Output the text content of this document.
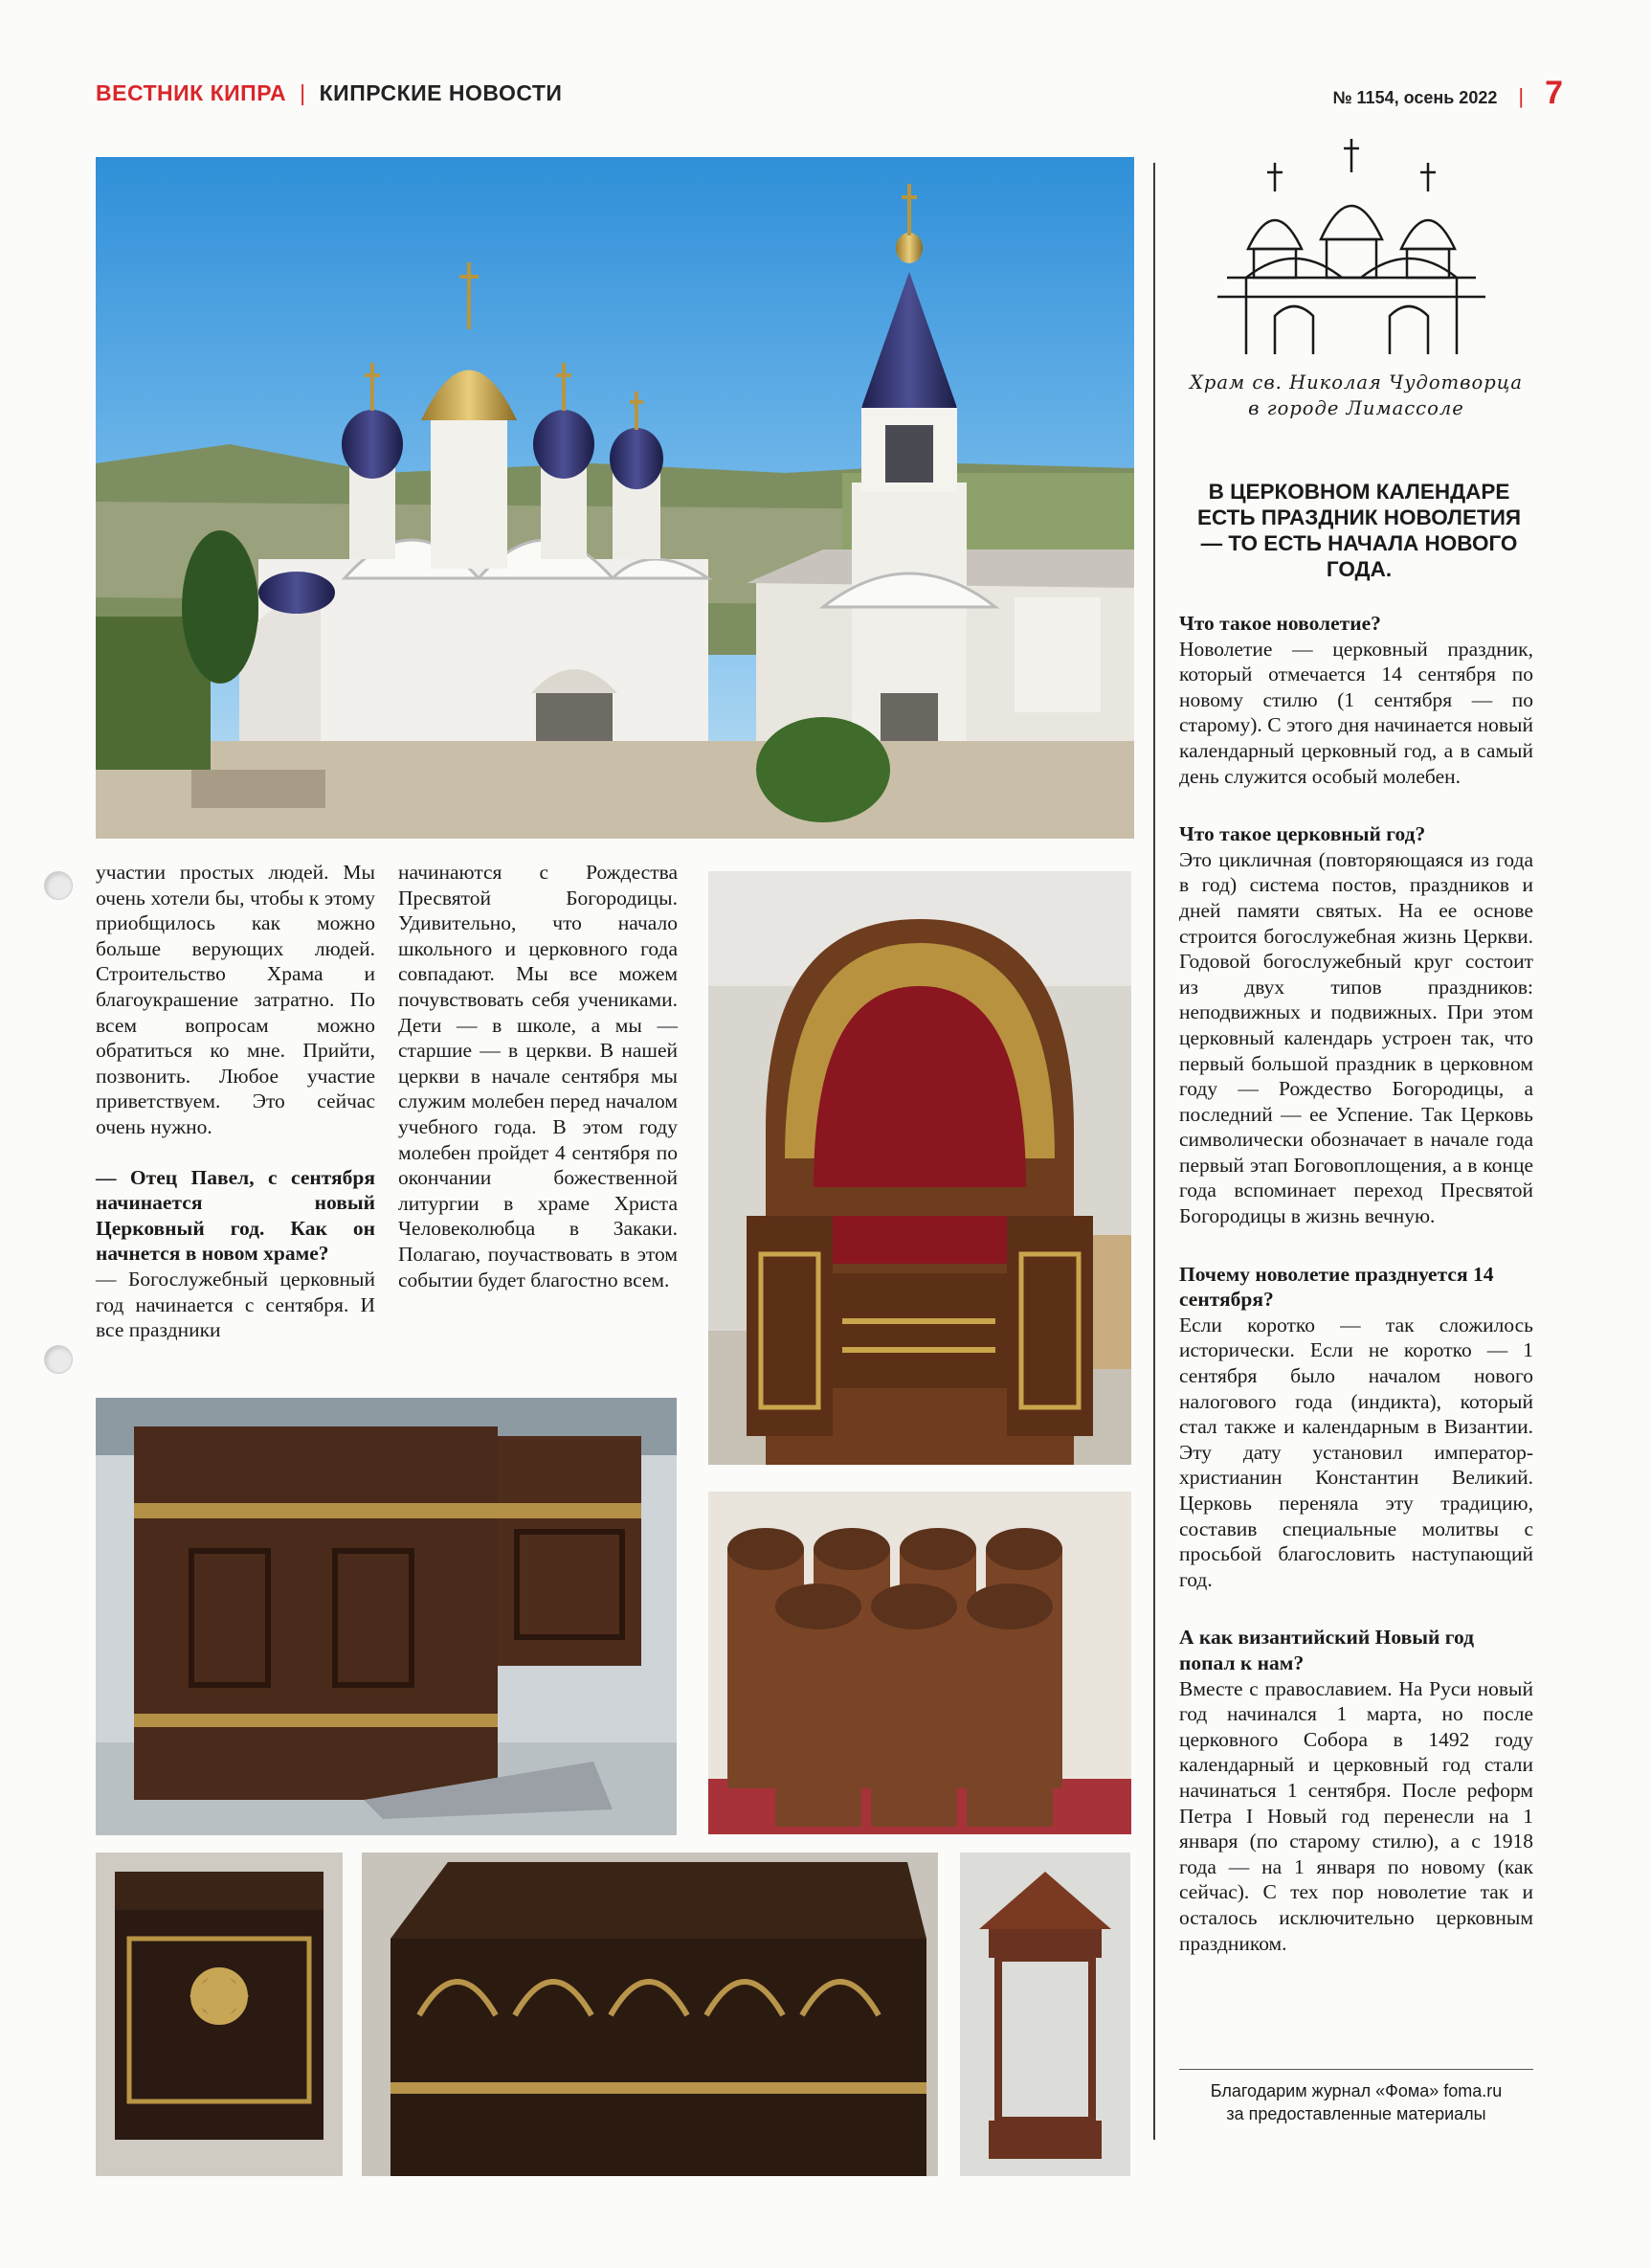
ВЕСТНИК КИПРА | КИПРСКИЕ НОВОСТИ	№ 1154, осень 2022 | 7

участии простых людей. Мы очень хотели бы, чтобы к этому приобщилось как можно больше верующих людей. Строительство Храма и благоукрашение затратно. По всем вопросам можно обратиться ко мне. Прийти, позвонить. Любое участие приветствуем. Это сейчас очень нужно.

— Отец Павел, с сентября начинается новый Церковный год. Как он начнется в новом храме?

— Богослужебный церковный год начинается с сентября. И все праздники

начинаются с Рождества Пресвятой Богородицы. Удивительно, что начало школьного и церковного года совпадают. Мы все можем почувствовать себя учениками. Дети — в школе, а мы — старшие — в церкви. В нашей церкви в начале сентября мы служим молебен перед началом учебного года. В этом году молебен пройдет 4 сентября по окончании божественной литургии в храме Христа Человеколюбца в Закаки. Полагаю, поучаствовать в этом событии будет благостно всем.

Храм св. Николая Чудотворца
в городе Лимассоле
В ЦЕРКОВНОМ КАЛЕНДАРЕ ЕСТЬ ПРАЗДНИК НОВОЛЕТИЯ — ТО ЕСТЬ НАЧАЛА НОВОГО ГОДА.
Что такое новолетие?
Новолетие — церковный праздник, который отмечается 14 сентября по новому стилю (1 сентября — по старому). С этого дня начинается новый календарный церковный год, а в самый день служится особый молебен.
Что такое церковный год?
Это цикличная (повторяющаяся из года в год) система постов, праздников и дней памяти святых. На ее основе строится богослужебная жизнь Церкви. Годовой богослужебный круг состоит из двух типов праздников: неподвижных и подвижных. При этом церковный календарь устроен так, что первый большой праздник в церковном году — Рождество Богородицы, а последний — ее Успение. Так Церковь символически обозначает в начале года первый этап Боговоплощения, а в конце года вспоминает переход Пресвятой Богородицы в жизнь вечную.
Почему новолетие празднуется 14 сентября?
Если коротко — так сложилось исторически. Если не коротко — 1 сентября было началом нового налогового года (индикта), который стал также и календарным в Византии. Эту дату установил император-христианин Константин Великий. Церковь переняла эту традицию, составив специальные молитвы с просьбой благословить наступающий год.
А как византийский Новый год попал к нам?
Вместе с православием. На Руси новый год начинался 1 марта, но после церковного Собора в 1492 году календарный и церковный год стали начинаться 1 сентября. После реформ Петра I Новый год перенесли на 1 января (по старому стилю), а с 1918 года — на 1 января по новому (как сейчас). С тех пор новолетие так и осталось исключительно церковным праздником.
Благодарим журнал «Фома» foma.ru
за предоставленные материалы
